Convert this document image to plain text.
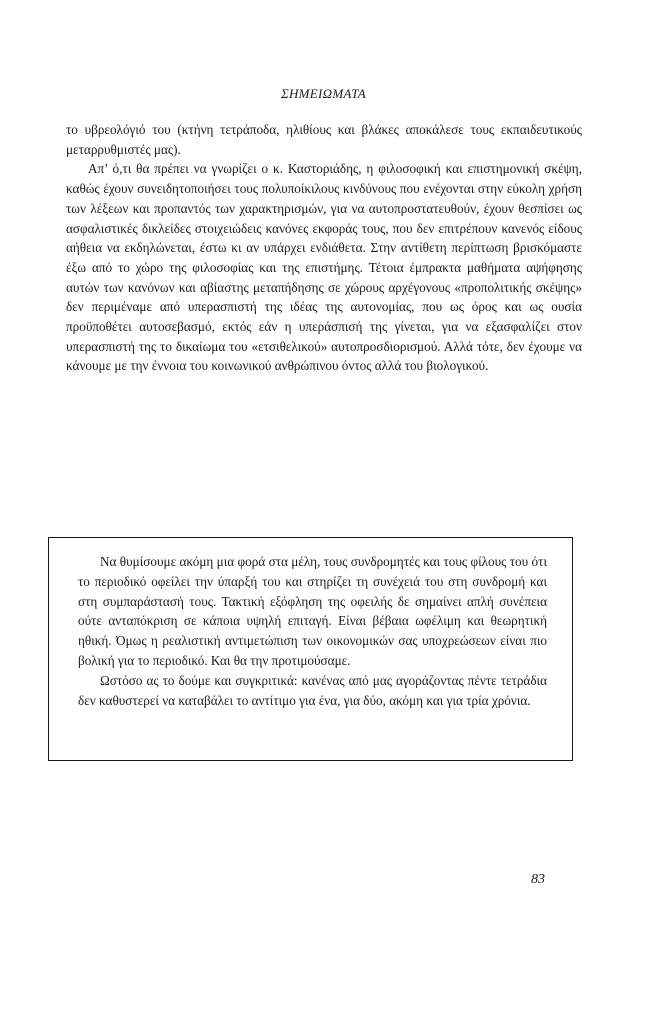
ΣΗΜΕΙΩΜΑΤΑ

το υβρεολόγιό του (κτήνη τετράποδα, ηλιθίους και βλάκες αποκάλεσε τους εκπαιδευτικούς μεταρρυθμιστές μας).

Απ’ ό,τι θα πρέπει να γνωρίζει ο κ. Καστοριάδης, η φιλοσοφική και επιστημονική σκέψη, καθώς έχουν συνειδητοποιήσει τους πολυποίκιλους κινδύνους που ενέχονται στην εύκολη χρήση των λέξεων και προπαντός των χαρακτηρισμών, για να αυτοπροστατευθούν, έχουν θεσπίσει ως ασφαλιστικές δικλείδες στοιχειώδεις κανόνες εκφοράς τους, που δεν επιτρέπουν κανενός είδους αήθεια να εκδηλώνεται, έστω κι αν υπάρχει ενδιάθετα. Στην αντίθετη περίπτωση βρισκόμαστε έξω από το χώρο της φιλοσοφίας και της επιστήμης. Τέτοια έμπρακτα μαθήματα αψήφησης αυτών των κανόνων και αβίαστης μεταπήδησης σε χώρους αρχέγονους «προπολιτικής σκέψης» δεν περιμέναμε από υπερασπιστή της ιδέας της αυτονομίας, που ως όρος και ως ουσία προϋποθέτει αυτοσεβασμό, εκτός εάν η υπεράσπισή της γίνεται, για να εξασφαλίζει στον υπερασπιστή της το δικαίωμα του «ετσιθελικού» αυτοπροσδιορισμού. Αλλά τότε, δεν έχουμε να κάνουμε με την έννοια του κοινωνικού ανθρώπινου όντος αλλά του βιολογικού.

Να θυμίσουμε ακόμη μια φορά στα μέλη, τους συνδρομητές και τους φίλους του ότι το περιοδικό οφείλει την ύπαρξή του και στηρίζει τη συνέχειά του στη συνδρομή και στη συμπαράστασή τους. Τακτική εξόφληση της οφειλής δε σημαίνει απλή συνέπεια ούτε ανταπόκριση σε κάποια υψηλή επιταγή. Είναι βέβαια ωφέλιμη και θεωρητική ηθική. Όμως η ρεαλιστική αντιμετώπιση των οικονομικών σας υποχρεώσεων είναι πιο βολική για το περιοδικό. Και θα την προτιμούσαμε.

Ωστόσο ας το δούμε και συγκριτικά: κανένας από μας αγοράζοντας πέντε τετράδια δεν καθυστερεί να καταβάλει το αντίτιμο για ένα, για δύο, ακόμη και για τρία χρόνια.

83
